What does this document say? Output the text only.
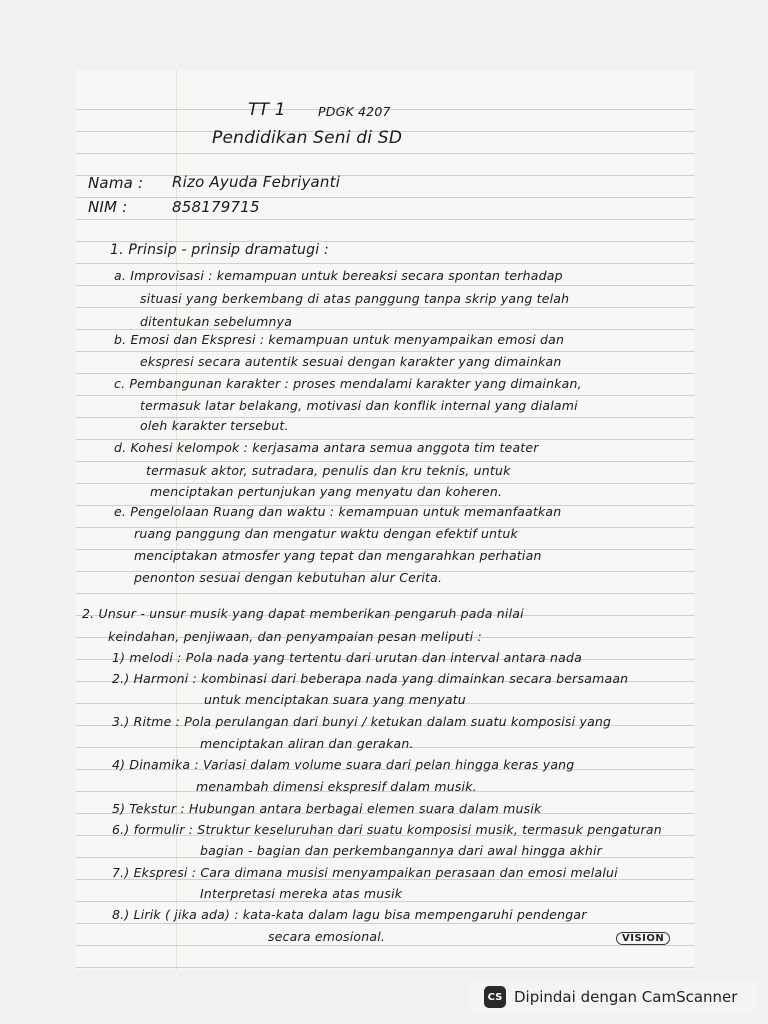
TT 1	PDGK 4207
Pendidikan Seni di SD
Nama : Rizo Ayuda Febriyanti
NIM :	858179715
1. Prinsip - prinsip dramatugi :
a. Improvisasi : kemampuan untuk bereaksi secara spontan terhadap
situasi yang berkembang di atas panggung tanpa skrip yang telah
ditentukan sebelumnya
b. Emosi dan Ekspresi : kemampuan untuk menyampaikan emosi dan
ekspresi secara autentik sesuai dengan karakter yang dimainkan
c. Pembangunan karakter : proses mendalami karakter yang dimainkan,
termasuk latar belakang, motivasi dan konflik internal yang dialami
oleh karakter tersebut.
d. Kohesi kelompok : kerjasama antara semua anggota tim teater
termasuk aktor, sutradara, penulis dan kru teknis, untuk
menciptakan pertunjukan yang menyatu dan koheren.
e. Pengelolaan Ruang dan waktu : kemampuan untuk memanfaatkan
ruang panggung dan mengatur waktu dengan efektif untuk
menciptakan atmosfer yang tepat dan mengarahkan perhatian
penonton sesuai dengan kebutuhan alur Cerita.
2. Unsur - unsur musik yang dapat memberikan pengaruh pada nilai
keindahan, penjiwaan, dan penyampaian pesan meliputi :
1) melodi : Pola nada yang tertentu dari urutan dan interval antara nada
2.) Harmoni : kombinasi dari beberapa nada yang dimainkan secara bersamaan
untuk menciptakan suara yang menyatu
3.) Ritme : Pola perulangan dari bunyi / ketukan dalam suatu komposisi yang
menciptakan aliran dan gerakan.
4) Dinamika : Variasi dalam volume suara dari pelan hingga keras yang
menambah dimensi ekspresif dalam musik.
5) Tekstur : Hubungan antara berbagai elemen suara dalam musik
6.) formulir : Struktur keseluruhan dari suatu komposisi musik, termasuk pengaturan
bagian - bagian dan perkembangannya dari awal hingga akhir
7.) Ekspresi : Cara dimana musisi menyampaikan perasaan dan emosi melalui
Interpretasi mereka atas musik
8.) Lirik ( jika ada) : kata-kata dalam lagu bisa mempengaruhi pendengar
secara emosional.	VISION
CS Dipindai dengan CamScanner
